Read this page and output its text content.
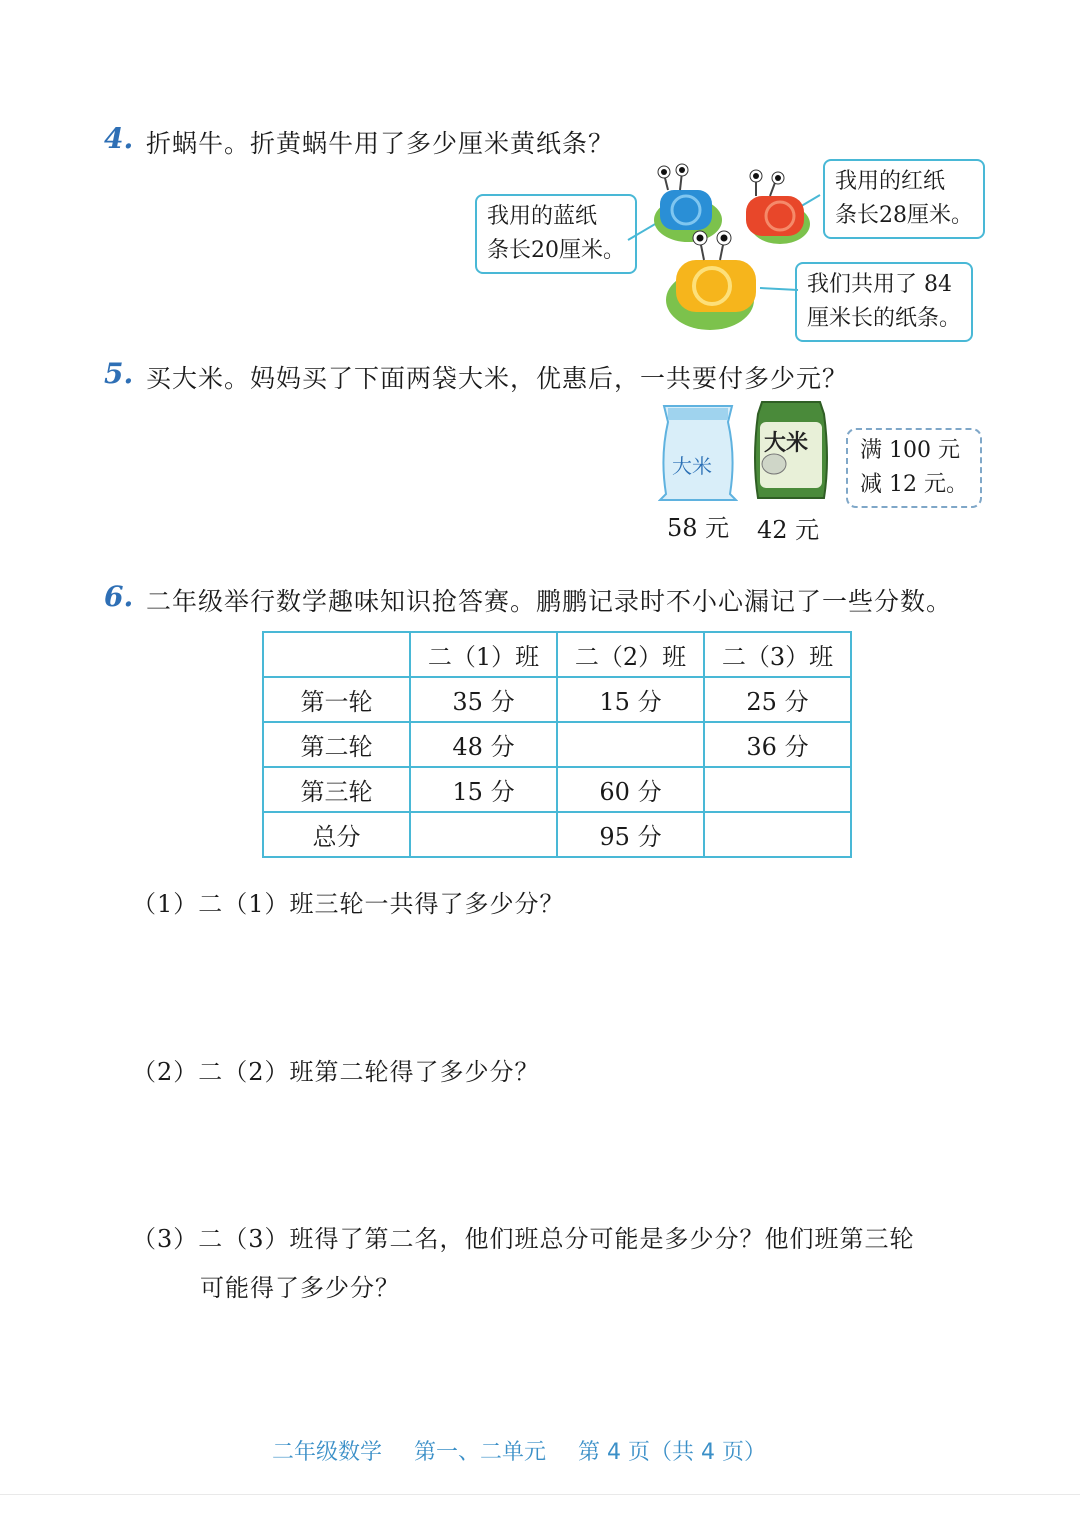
4. 折蜗牛。折黄蜗牛用了多少厘米黄纸条？
我用的蓝纸
条长20厘米。
我用的红纸
条长28厘米。
我们共用了 84
厘米长的纸条。
5. 买大米。妈妈买了下面两袋大米，优惠后，一共要付多少元？
大米
58 元
大米
42 元
满 100 元
减 12 元。
6. 二年级举行数学趣味知识抢答赛。鹏鹏记录时不小心漏记了一些分数。
	二（1）班	二（2）班	二（3）班
第一轮	35 分	15 分	25 分
第二轮	48 分		36 分
第三轮	15 分	60 分	
总分		95 分	
（1）二（1）班三轮一共得了多少分？
（2）二（2）班第二轮得了多少分？
（3）二（3）班得了第二名，他们班总分可能是多少分？他们班第三轮
可能得了多少分？
二年级数学 第一、二单元 第 4 页（共 4 页）
